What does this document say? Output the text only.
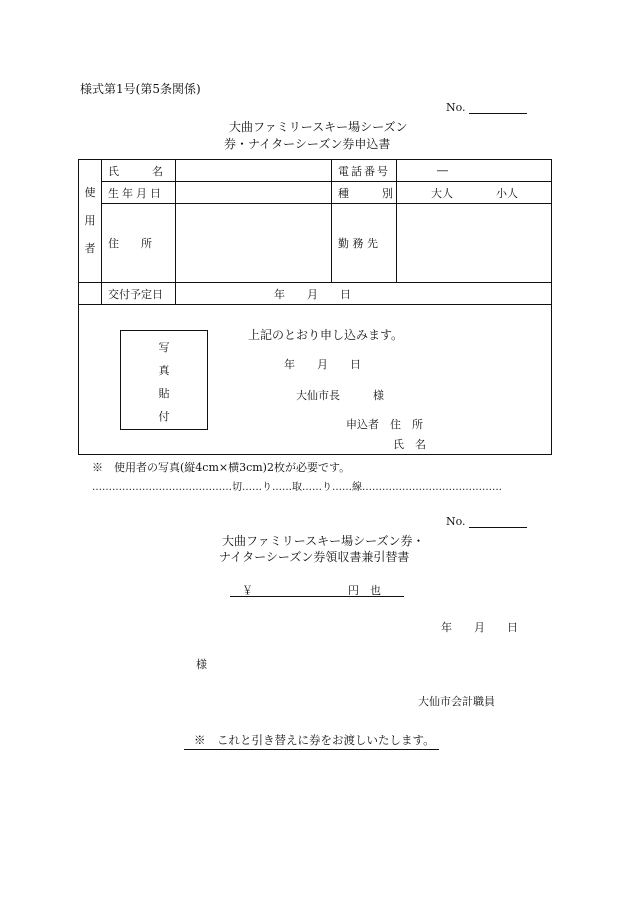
様式第1号(第5条関係)
No.
大曲ファミリースキー場シーズン
券・ナイターシーズン券申込書
使
用
者	氏　　　名		電話番号	―
	生年月日		種　　　別	大人 小人
	住　　所		勤 務 先	
	交付予定日	年　　月　　日		

写
真
貼
付
上記のとおり申し込みます。
年　　月　　日
大仙市長　　　様
申込者　住　所
氏　名
※　使用者の写真(縦4cm×横3cm)2枚が必要です。
……………………………………切……り……取……り……線……………………………………
No.
大曲ファミリースキー場シーズン券・
ナイターシーズン券領収書兼引替書
￥	円　也
年　　月　　日
様
大仙市会計職員
※　これと引き替えに券をお渡しいたします。
